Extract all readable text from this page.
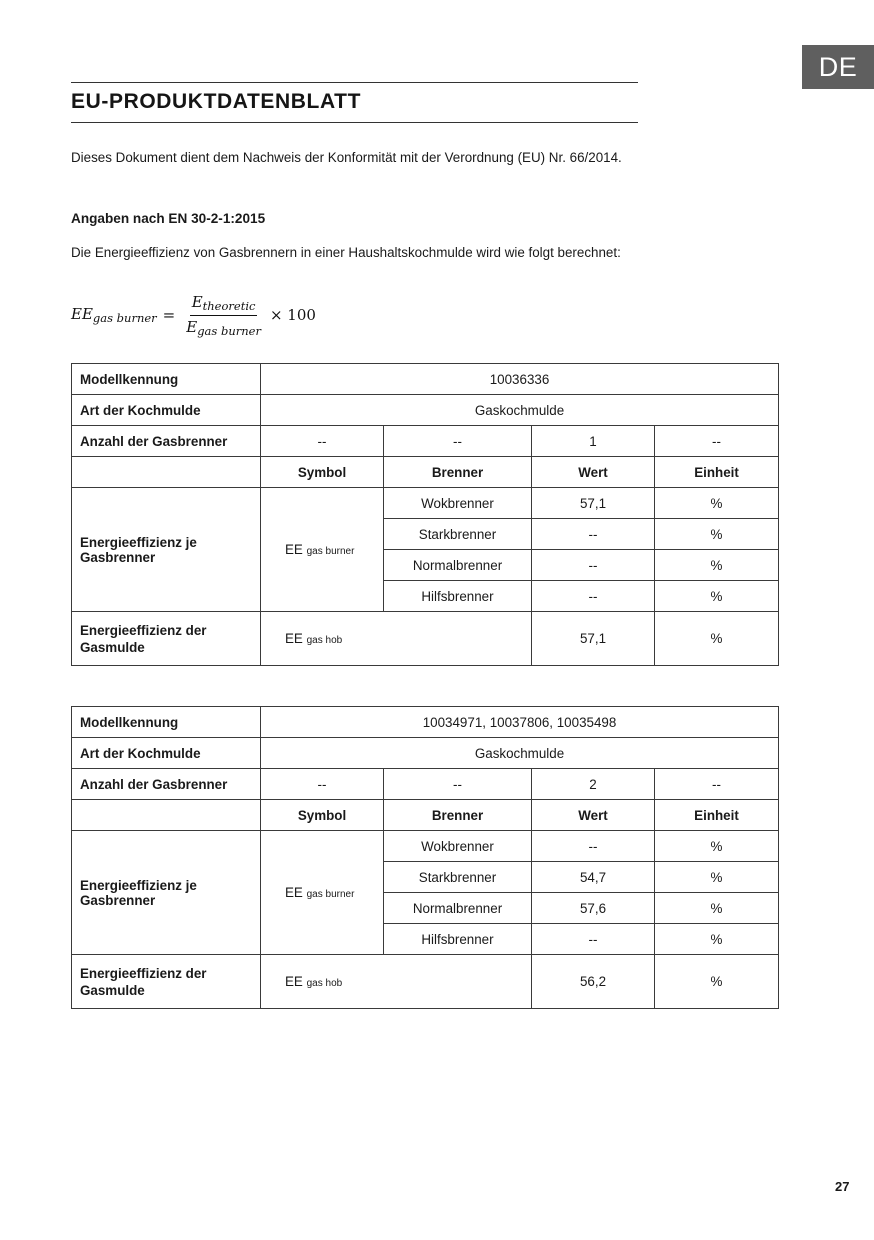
DE
EU-PRODUKTDATENBLATT
Dieses Dokument dient dem Nachweis der Konformität mit der Verordnung (EU) Nr. 66/2014.
Angaben nach EN 30-2-1:2015
Die Energieeffizienz von Gasbrennern in einer Haushaltskochmulde wird wie folgt berechnet:
$EE_{gas burner} = \frac{E_{theoretic}}{E_{gas burner}} \times 100$
Modellkennung	10036336			
Art der Kochmulde	Gaskochmulde			
Anzahl der Gasbrenner	--	--	1	--
	Symbol	Brenner	Wert	Einheit
Energieeffizienz je Gasbrenner	EE gas burner	Wokbrenner	57,1	%
		Starkbrenner	--	%
		Normalbrenner	--	%
		Hilfsbrenner	--	%
Energieeffizienz der Gasmulde	EE gas hob		57,1	%
Modellkennung	10034971, 10037806, 10035498			
Art der Kochmulde	Gaskochmulde			
Anzahl der Gasbrenner	--	--	2	--
	Symbol	Brenner	Wert	Einheit
Energieeffizienz je Gasbrenner	EE gas burner	Wokbrenner	--	%
		Starkbrenner	54,7	%
		Normalbrenner	57,6	%
		Hilfsbrenner	--	%
Energieeffizienz der Gasmulde	EE gas hob		56,2	%
27
